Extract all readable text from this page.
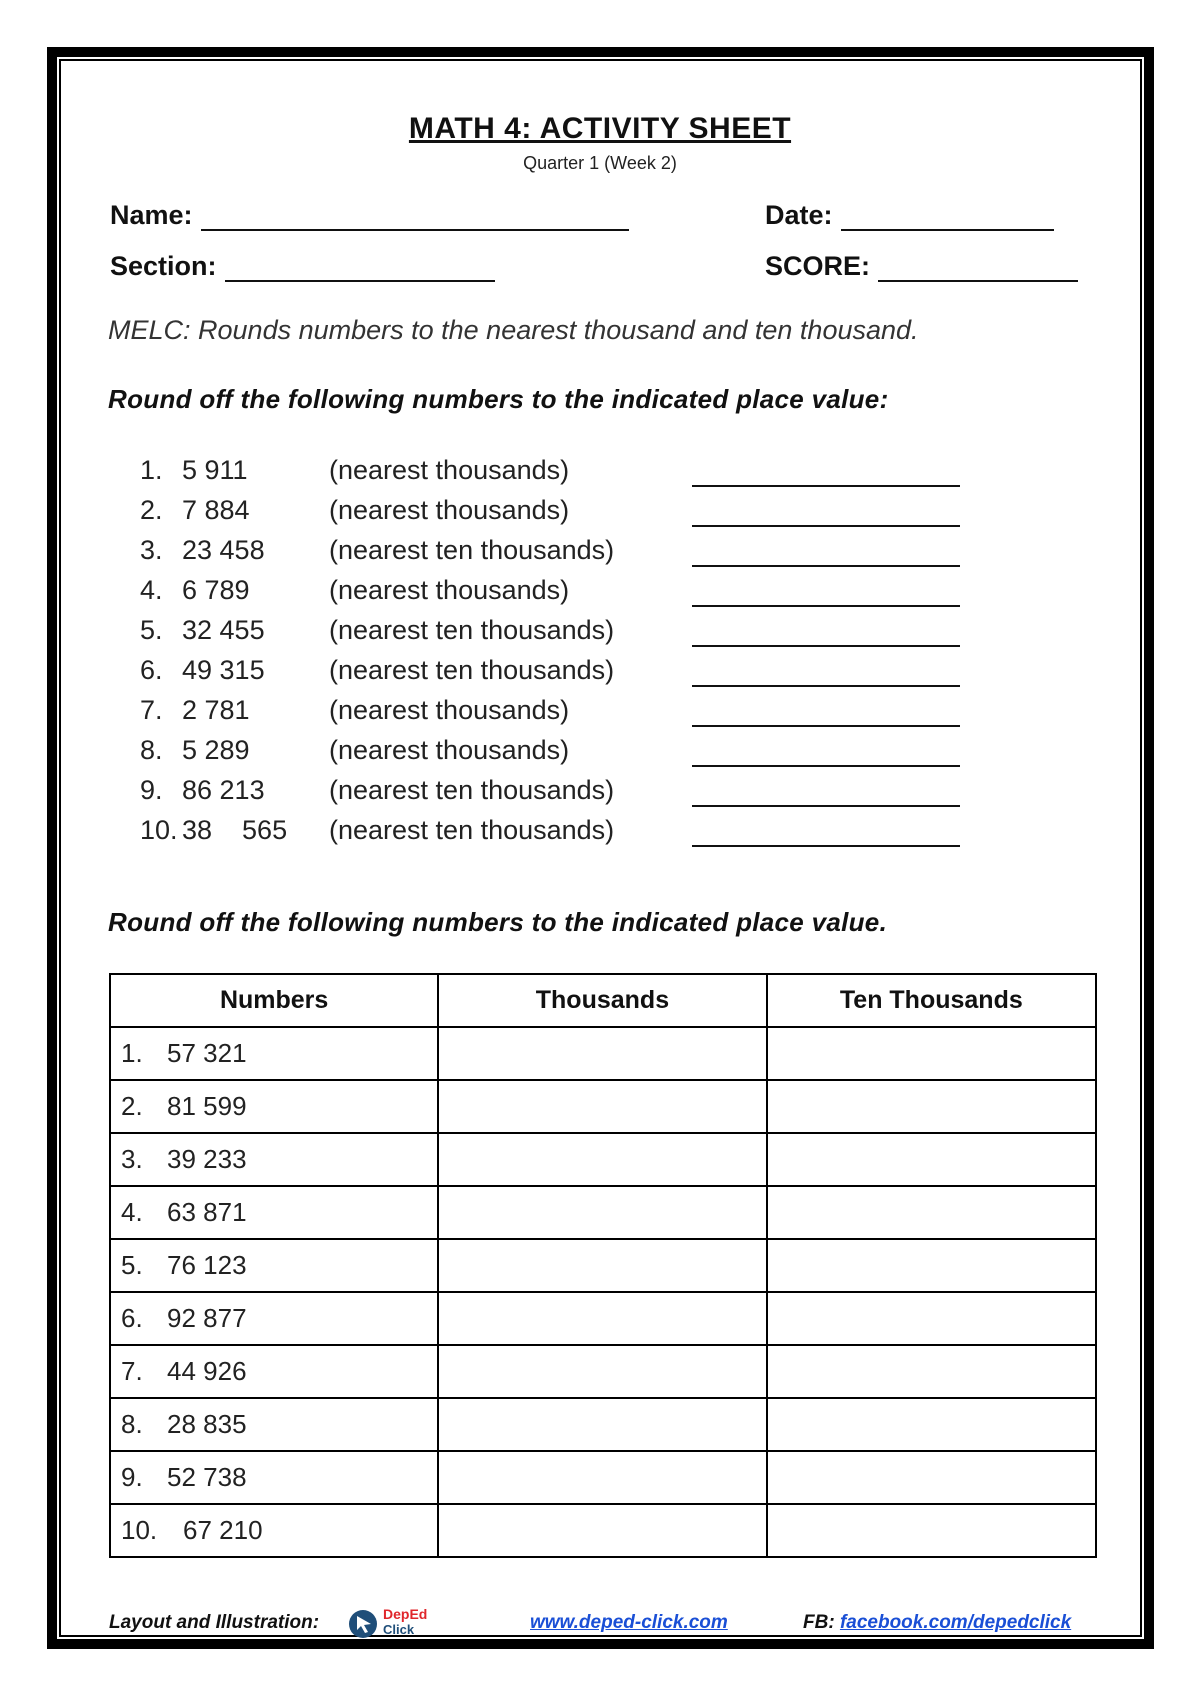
MATH 4: ACTIVITY SHEET
Quarter 1 (Week 2)
Name:	Date:
Section:	SCORE:
MELC: Rounds numbers to the nearest thousand and ten thousand.
Round off the following numbers to the indicated place value:
1. 5 911	(nearest thousands)
2. 7 884	(nearest thousands)
3. 23 458 (nearest ten thousands)
4. 6 789	(nearest thousands)
5. 32 455 (nearest ten thousands)
6. 49 315 (nearest ten thousands)
7. 2 781	(nearest thousands)
8. 5 289	(nearest thousands)
9. 86 213 (nearest ten thousands)
10. 38    565 (nearest ten thousands)
Round off the following numbers to the indicated place value.
Numbers	Thousands	Ten Thousands
1. 57 321		
2. 81 599		
3. 39 233		
4. 63 871		
5. 76 123		
6. 92 877		
7. 44 926		
8. 28 835		
9. 52 738		
10. 67 210		
Layout and Illustration:	DepEd
Click	www.deped-click.com	FB: facebook.com/depedclick
